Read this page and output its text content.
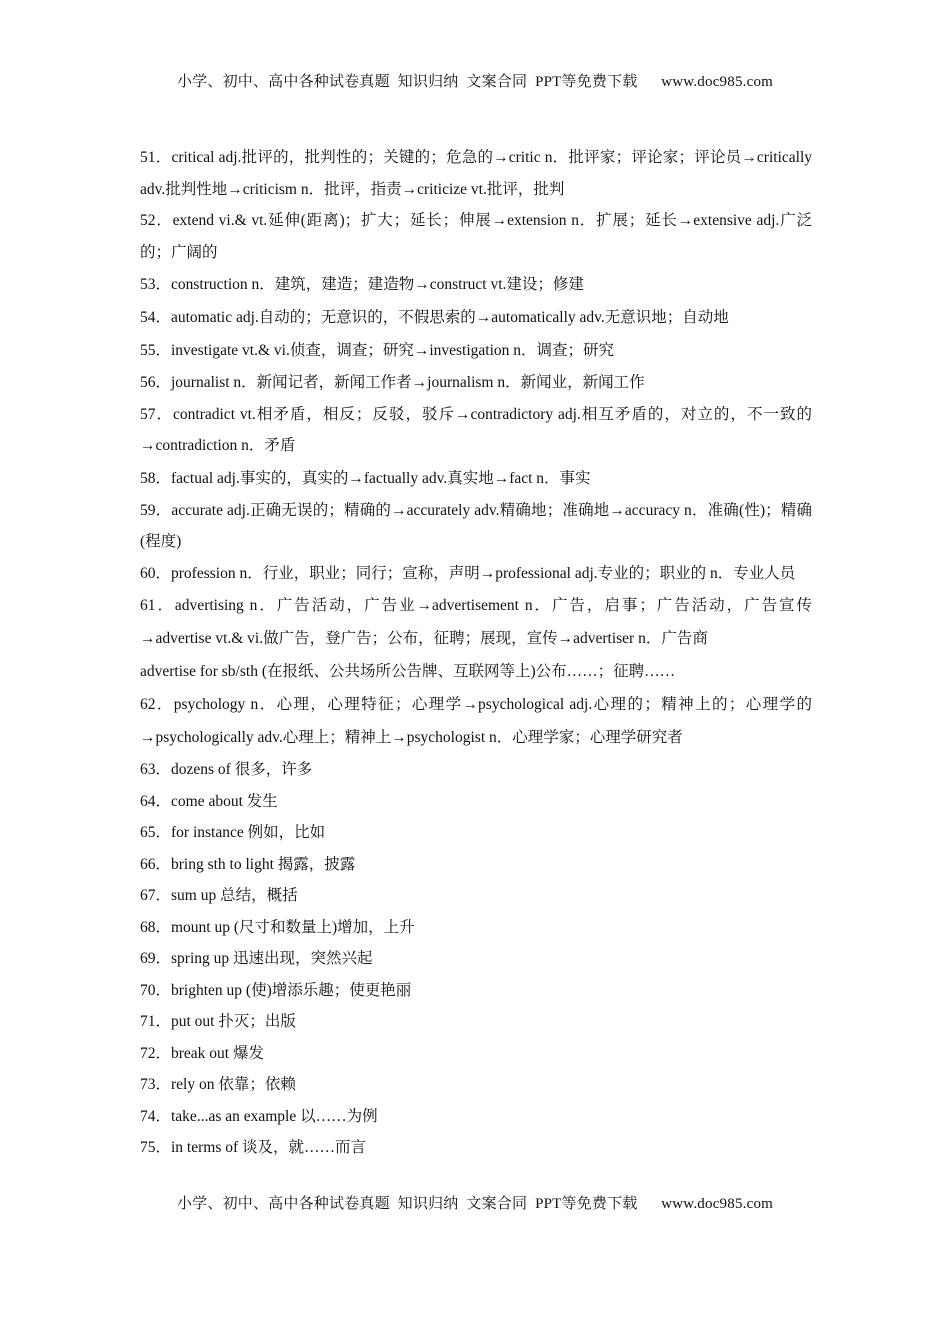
小学、初中、高中各种试卷真题  知识归纳  文案合同  PPT等免费下载      www.doc985.com

51．critical adj.批评的，批判性的；关键的；危急的→critic n．批评家；评论家；评论员→critically adv.批判性地→criticism n．批评，指责→criticize vt.批评，批判

52．extend vi.& vt.延伸(距离)；扩大；延长；伸展→extension n．扩展；延长→extensive adj.广泛的；广阔的

53．construction n．建筑，建造；建造物→construct vt.建设；修建

54．automatic adj.自动的；无意识的，不假思索的→automatically adv.无意识地；自动地

55．investigate vt.& vi.侦查，调查；研究→investigation n．调查；研究

56．journalist n．新闻记者，新闻工作者→journalism n．新闻业，新闻工作

57．contradict vt.相矛盾，相反；反驳，驳斥→contradictory adj.相互矛盾的，对立的，不一致的→contradiction n．矛盾

58．factual adj.事实的，真实的→factually adv.真实地→fact n．事实

59．accurate adj.正确无误的；精确的→accurately adv.精确地；准确地→accuracy n．准确(性)；精确(程度)

60．profession n．行业，职业；同行；宣称，声明→professional adj.专业的；职业的 n．专业人员

61．advertising n．广告活动，广告业→advertisement n．广告，启事；广告活动，广告宣传→advertise vt.& vi.做广告，登广告；公布，征聘；展现，宣传→advertiser n．广告商

advertise for sb/sth (在报纸、公共场所公告牌、互联网等上)公布……；征聘……

62．psychology n．心理，心理特征；心理学→psychological adj.心理的；精神上的；心理学的→psychologically adv.心理上；精神上→psychologist n．心理学家；心理学研究者

63．dozens of 很多，许多

64．come about 发生

65．for instance 例如，比如

66．bring sth to light 揭露，披露

67．sum up 总结，概括

68．mount up (尺寸和数量上)增加，上升

69．spring up 迅速出现，突然兴起

70．brighten up (使)增添乐趣；使更艳丽

71．put out 扑灭；出版

72．break out 爆发

73．rely on 依靠；依赖

74．take...as an example 以……为例

75．in terms of 谈及，就……而言

小学、初中、高中各种试卷真题  知识归纳  文案合同  PPT等免费下载      www.doc985.com
